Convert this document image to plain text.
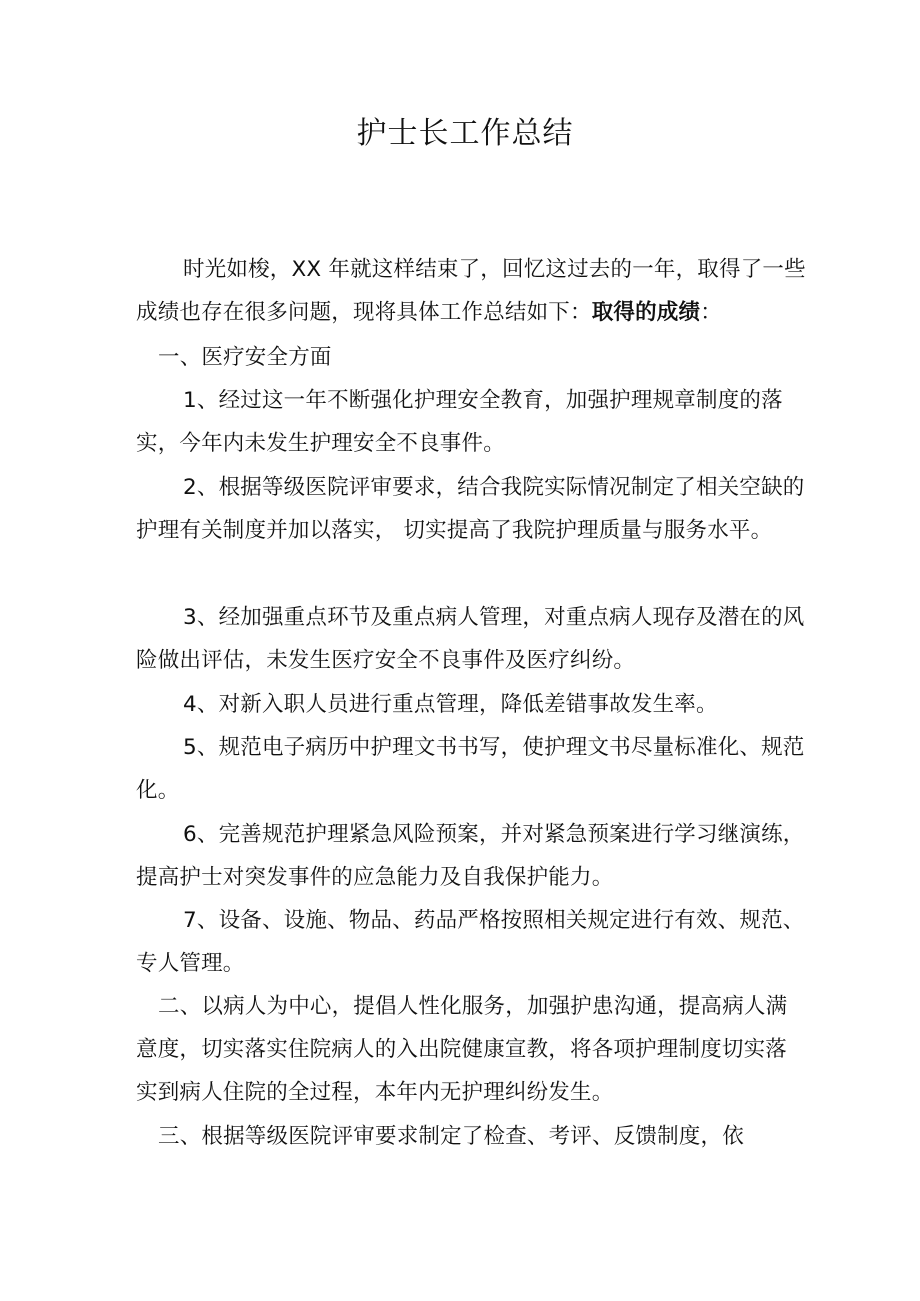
护士长工作总结

时光如梭，XX 年就这样结束了，回忆这过去的一年，取得了一些成绩也存在很多问题，现将具体工作总结如下：取得的成绩：

一、医疗安全方面

1、经过这一年不断强化护理安全教育，加强护理规章制度的落实，今年内未发生护理安全不良事件。

2、根据等级医院评审要求，结合我院实际情况制定了相关空缺的护理有关制度并加以落实， 切实提高了我院护理质量与服务水平。

3、经加强重点环节及重点病人管理，对重点病人现存及潜在的风险做出评估，未发生医疗安全不良事件及医疗纠纷。

4、对新入职人员进行重点管理，降低差错事故发生率。

5、规范电子病历中护理文书书写，使护理文书尽量标准化、规范化。

6、完善规范护理紧急风险预案，并对紧急预案进行学习继演练， 提高护士对突发事件的应急能力及自我保护能力。

7、设备、设施、物品、药品严格按照相关规定进行有效、规范、专人管理。

二、以病人为中心，提倡人性化服务，加强护患沟通，提高病人满意度，切实落实住院病人的入出院健康宣教，将各项护理制度切实落实到病人住院的全过程，本年内无护理纠纷发生。

三、根据等级医院评审要求制定了检查、考评、反馈制度，依
